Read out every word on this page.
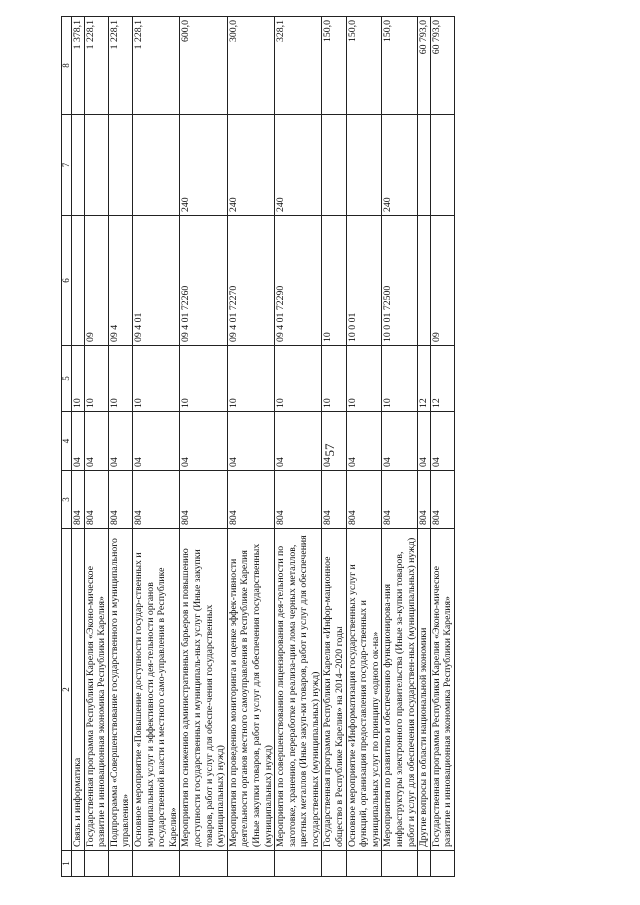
57
1	2	3	4	5	6	7	8
	Связь и информатика	804	04	10			1 378,1
	Государственная программа Республики Карелия «Эконо-мическое развитие и инновационная экономика Республики Карелия»	804	04	10	09		1 228,1
	Подпрограмма «Совершенствование государственного и муниципального управления»	804	04	10	09 4		1 228,1
	Основное мероприятие «Повышение доступности государ-ственных и муниципальных услуг и эффективности дея-тельности органов государственной власти и местного само-управления в Республике Карелия»	804	04	10	09 4 01		1 228,1
	Мероприятия по снижению административных барьеров и повышению доступности государственных и муниципаль-ных услуг (Иные закупки товаров, работ и услуг для обеспе-чения государственных (муниципальных) нужд)	804	04	10	09 4 01 72260	240	600,0
	Мероприятия по проведению мониторинга и оценке эффек-тивности деятельности органов местного самоуправления в Республике Карелия (Иные закупки товаров, работ и услуг для обеспечения государственных (муниципальных) нужд)	804	04	10	09 4 01 72270	240	300,0
	Мероприятия по совершенствованию лицензирования дея-тельности по заготовке, хранению, переработке и реализа-ции лома черных металлов, цветных металлов (Иные закуп-ки товаров, работ и услуг для обеспечения государственных (муниципальных) нужд)	804	04	10	09 4 01 72290	240	328,1
	Государственная программа Республики Карелия «Инфор-мационное общество в Республике Карелия» на 2014–2020 годы	804	04	10	10		150,0
	Основное мероприятие «Информатизация государственных услуг и функций, организация предоставления государ-ственных и муниципальных услуг по принципу «одного ок-на»	804	04	10	10 0 01		150,0
	Мероприятия по развитию и обеспечению функционирова-ния инфраструктуры электронного правительства (Иные за-купки товаров, работ и услуг для обеспечения государствен-ных (муниципальных) нужд)	804	04	10	10 0 01 72500	240	150,0
	Другие вопросы в области национальной экономики	804	04	12			60 793,0
	Государственная программа Республики Карелия «Эконо-мическое развитие и инновационная экономика Республики Карелия»	804	04	12	09		60 793,0
